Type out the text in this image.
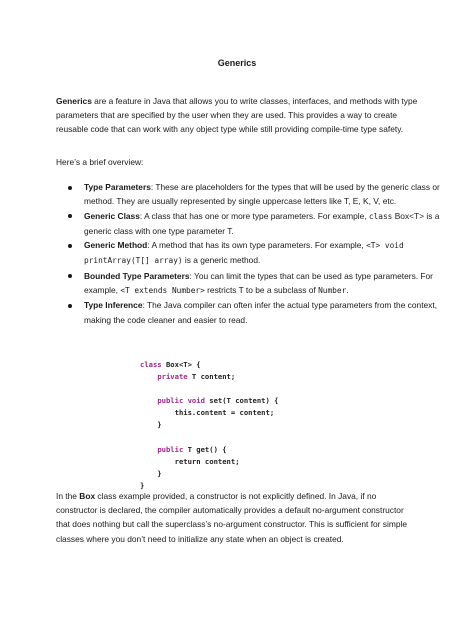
Generics

Generics are a feature in Java that allows you to write classes, interfaces, and methods with type parameters that are specified by the user when they are used. This provides a way to create reusable code that can work with any object type while still providing compile-time type safety.

Here’s a brief overview:

Type Parameters: These are placeholders for the types that will be used by the generic class or method. They are usually represented by single uppercase letters like T, E, K, V, etc.
Generic Class: A class that has one or more type parameters. For example, class Box<T> is a generic class with one type parameter T.
Generic Method: A method that has its own type parameters. For example, <T> void printArray(T[] array) is a generic method.
Bounded Type Parameters: You can limit the types that can be used as type parameters. For example, <T extends Number> restricts T to be a subclass of Number.
Type Inference: The Java compiler can often infer the actual type parameters from the context, making the code cleaner and easier to read.
class Box<T> {
private T content;

public void set(T content) {
this.content = content;
}

public T get() {
return content;
}
}

In the Box class example provided, a constructor is not explicitly defined. In Java, if no constructor is declared, the compiler automatically provides a default no-argument constructor that does nothing but call the superclass’s no-argument constructor. This is sufficient for simple classes where you don’t need to initialize any state when an object is created.
